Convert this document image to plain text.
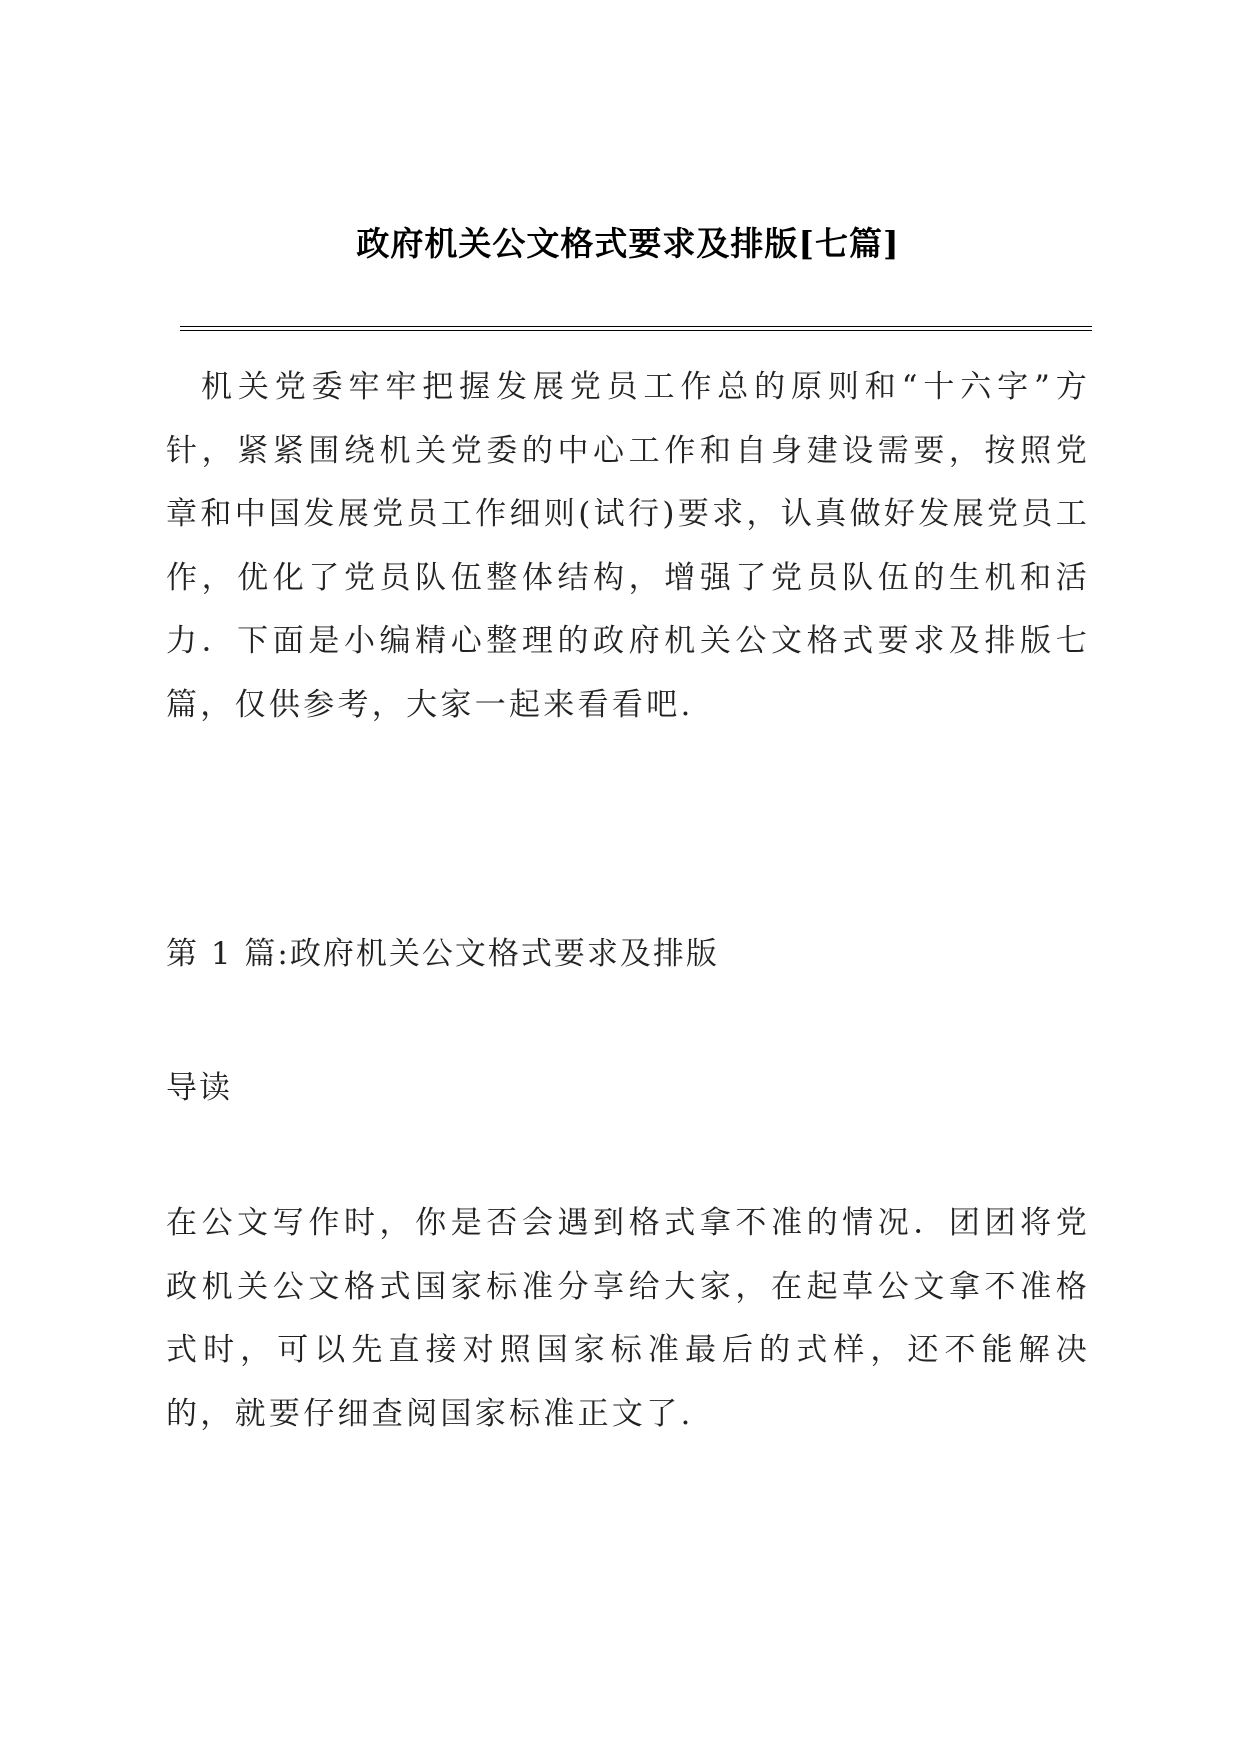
政府机关公文格式要求及排版[七篇]
机关党委牢牢把握发展党员工作总的原则和“十六字”方针，紧紧围绕机关党委的中心工作和自身建设需要，按照党章和中国发展党员工作细则(试行)要求，认真做好发展党员工作，优化了党员队伍整体结构，增强了党员队伍的生机和活力．下面是小编精心整理的政府机关公文格式要求及排版七篇，仅供参考，大家一起来看看吧.
第 1 篇:政府机关公文格式要求及排版
导读
在公文写作时，你是否会遇到格式拿不准的情况．团团将党政机关公文格式国家标准分享给大家，在起草公文拿不准格式时，可以先直接对照国家标准最后的式样，还不能解决的，就要仔细查阅国家标准正文了.
